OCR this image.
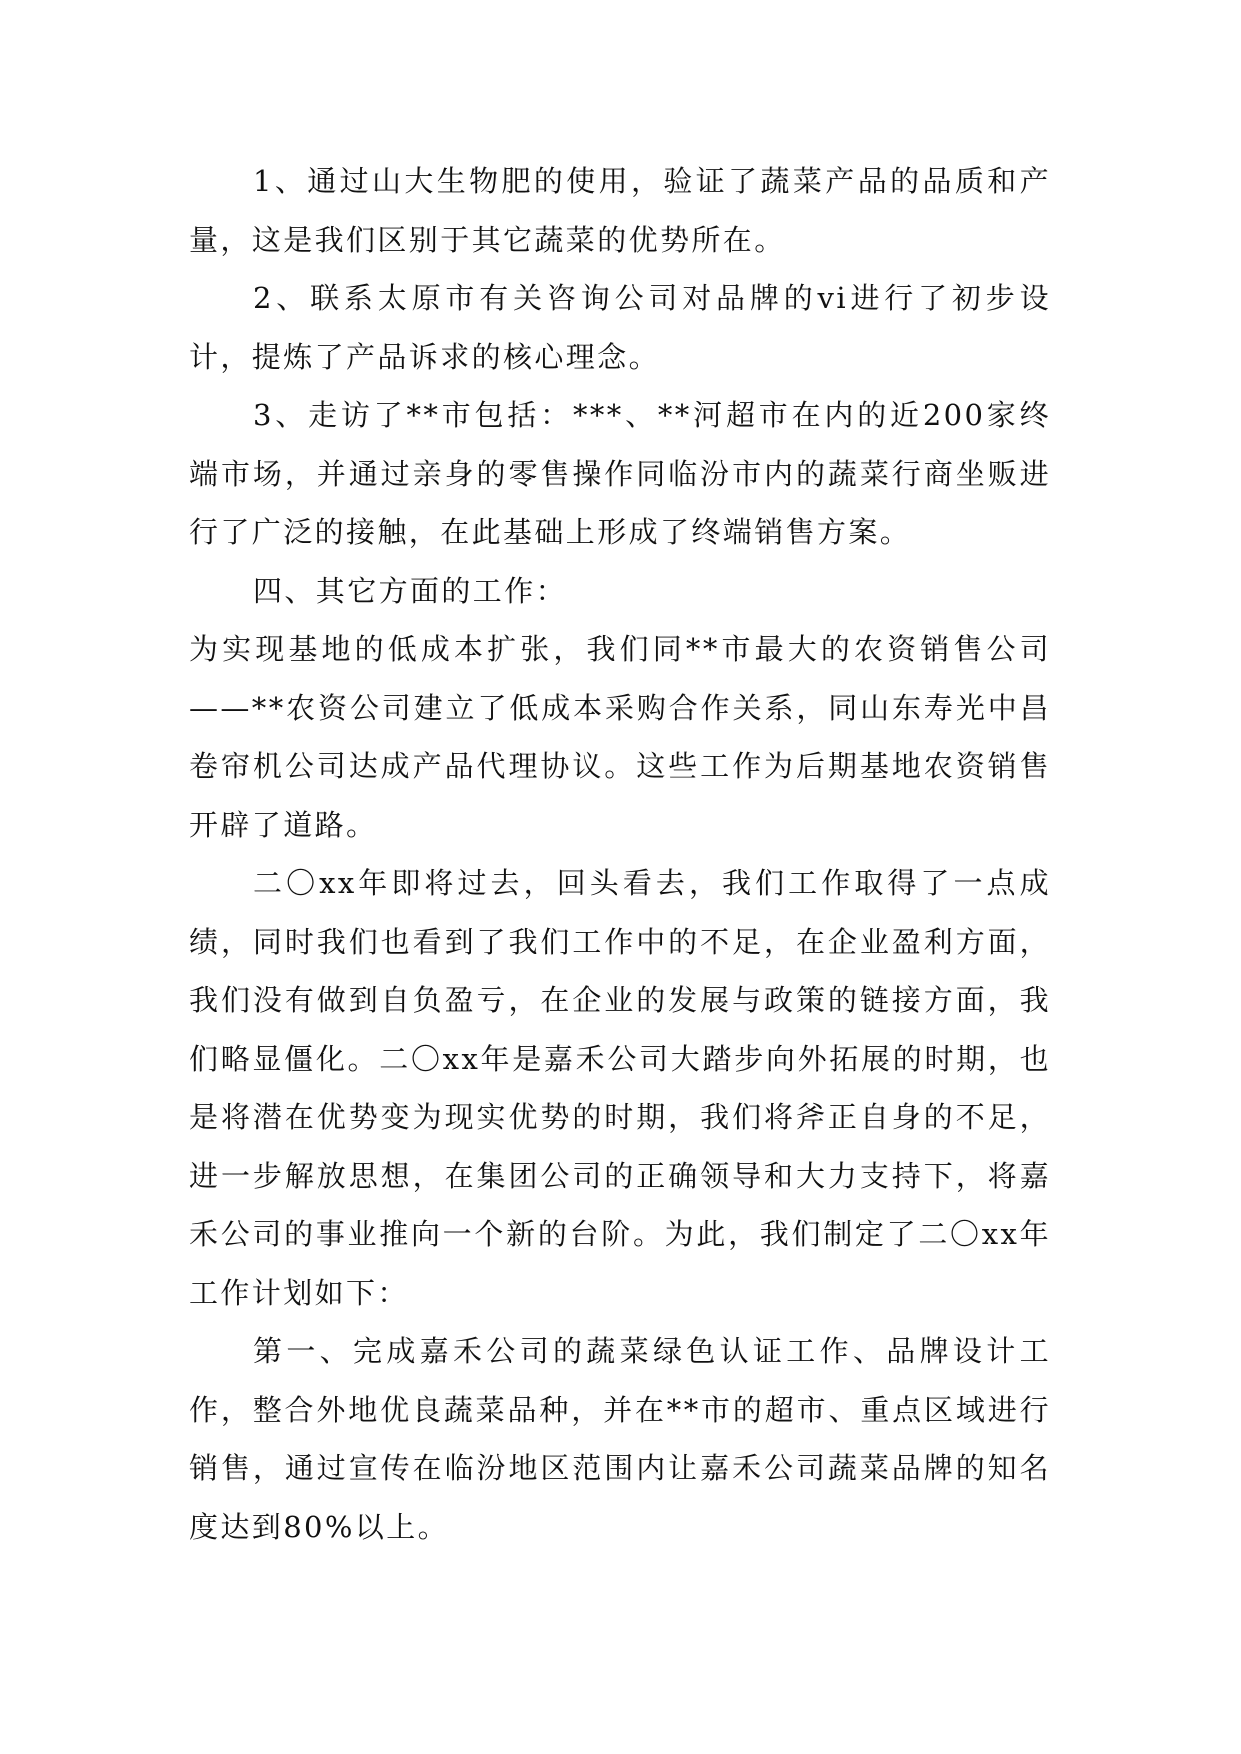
1、通过山大生物肥的使用，验证了蔬菜产品的品质和产量，这是我们区别于其它蔬菜的优势所在。

2、联系太原市有关咨询公司对品牌的vi进行了初步设计，提炼了产品诉求的核心理念。

3、走访了**市包括：***、**河超市在内的近200家终端市场，并通过亲身的零售操作同临汾市内的蔬菜行商坐贩进行了广泛的接触，在此基础上形成了终端销售方案。

四、其它方面的工作：

为实现基地的低成本扩张，我们同**市最大的农资销售公司——**农资公司建立了低成本采购合作关系，同山东寿光中昌卷帘机公司达成产品代理协议。这些工作为后期基地农资销售开辟了道路。

二〇xx年即将过去，回头看去，我们工作取得了一点成绩，同时我们也看到了我们工作中的不足，在企业盈利方面，我们没有做到自负盈亏，在企业的发展与政策的链接方面，我们略显僵化。二〇xx年是嘉禾公司大踏步向外拓展的时期，也是将潜在优势变为现实优势的时期，我们将斧正自身的不足，进一步解放思想，在集团公司的正确领导和大力支持下，将嘉禾公司的事业推向一个新的台阶。为此，我们制定了二〇xx年工作计划如下：

第一、完成嘉禾公司的蔬菜绿色认证工作、品牌设计工作，整合外地优良蔬菜品种，并在**市的超市、重点区域进行销售，通过宣传在临汾地区范围内让嘉禾公司蔬菜品牌的知名度达到80%以上。
